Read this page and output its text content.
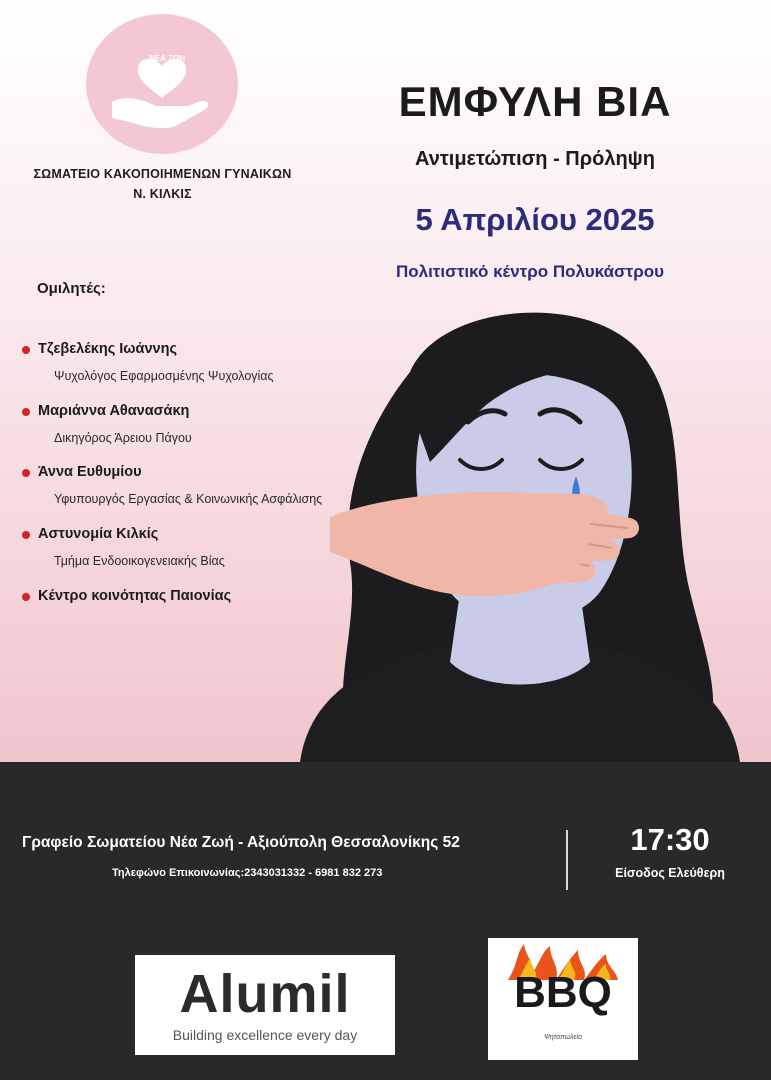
ΝΕΑ ΖΩΗ
ΣΩΜΑΤΕΙΟ ΚΑΚΟΠΟΙΗΜΕΝΩΝ ΓΥΝΑΙΚΩΝ
Ν. ΚΙΛΚΙΣ
ΕΜΦΥΛΗ ΒΙΑ
Αντιμετώπιση - Πρόληψη
5 Απριλίου 2025
Πολιτιστικό κέντρο Πολυκάστρου
Ομιλητές:
Τζεβελέκης Ιωάννης
Ψυχολόγος Εφαρμοσμένης Ψυχολογίας
Μαριάννα Αθανασάκη
Δικηγόρος Άρειου Πάγου
Άννα Ευθυμίου
Υφυπουργός Εργασίας & Κοινωνικής Ασφάλισης
Αστυνομία Κιλκίς
Τμήμα Ενδοοικογενειακής Βίας
Κέντρο κοινότητας Παιονίας
Γραφείο Σωματείου Νέα Ζωή - Αξιούπολη Θεσσαλονίκης 52
Τηλεφώνο Επικοινωνίας:2343031332 - 6981 832 273
17:30
Είσοδος Ελεύθερη
Alumil
Building excellence every day
BBQ
Ψητοπωλείο
